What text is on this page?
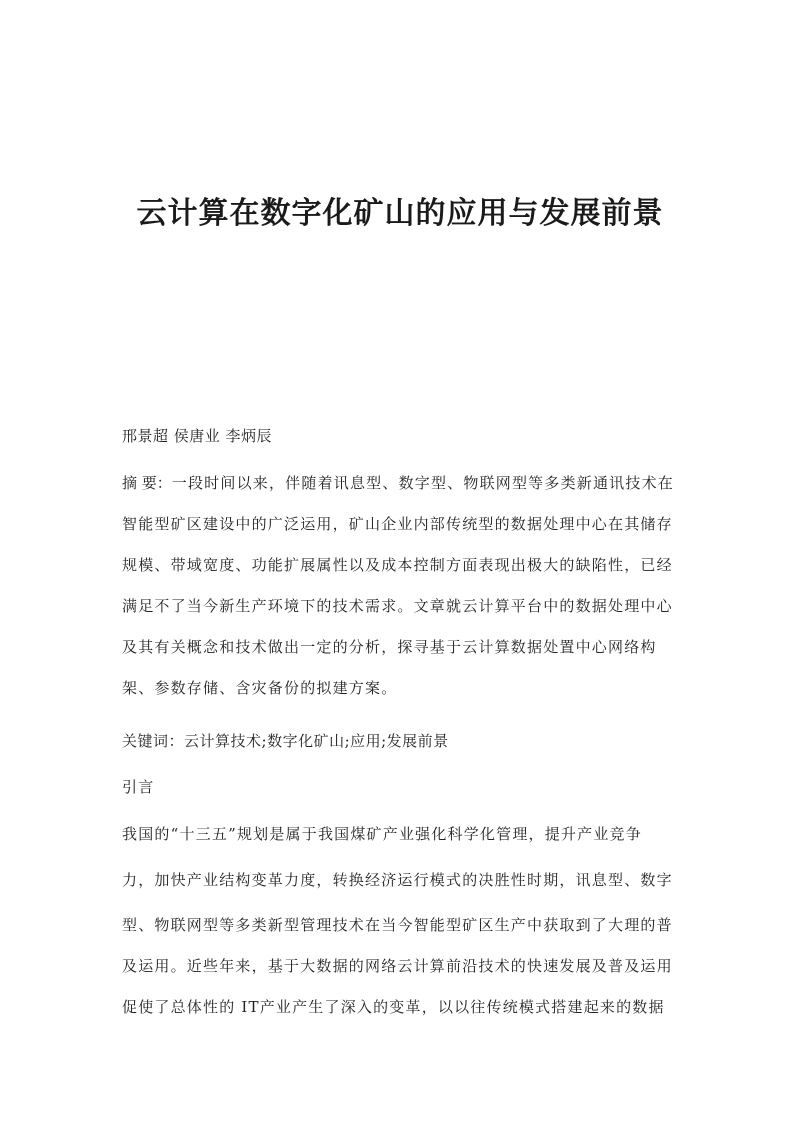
云计算在数字化矿山的应用与发展前景
邢景超 侯唐业 李炳辰
摘 要：一段时间以来，伴随着讯息型、数字型、物联网型等多类新通讯技术在
智能型矿区建设中的广泛运用，矿山企业内部传统型的数据处理中心在其储存
规模、带域宽度、功能扩展属性以及成本控制方面表现出极大的缺陷性，已经
满足不了当今新生产环境下的技术需求。文章就云计算平台中的数据处理中心
及其有关概念和技术做出一定的分析，探寻基于云计算数据处置中心网络构
架、参数存储、含灾备份的拟建方案。
关键词：云计算技术;数字化矿山;应用;发展前景
引言
我国的“十三五”规划是属于我国煤矿产业强化科学化管理，提升产业竞争
力，加快产业结构变革力度，转换经济运行模式的决胜性时期，讯息型、数字
型、物联网型等多类新型管理技术在当今智能型矿区生产中获取到了大理的普
及运用。近些年来，基于大数据的网络云计算前沿技术的快速发展及普及运用
促使了总体性的 IT产业产生了深入的变革，以以往传统模式搭建起来的数据
